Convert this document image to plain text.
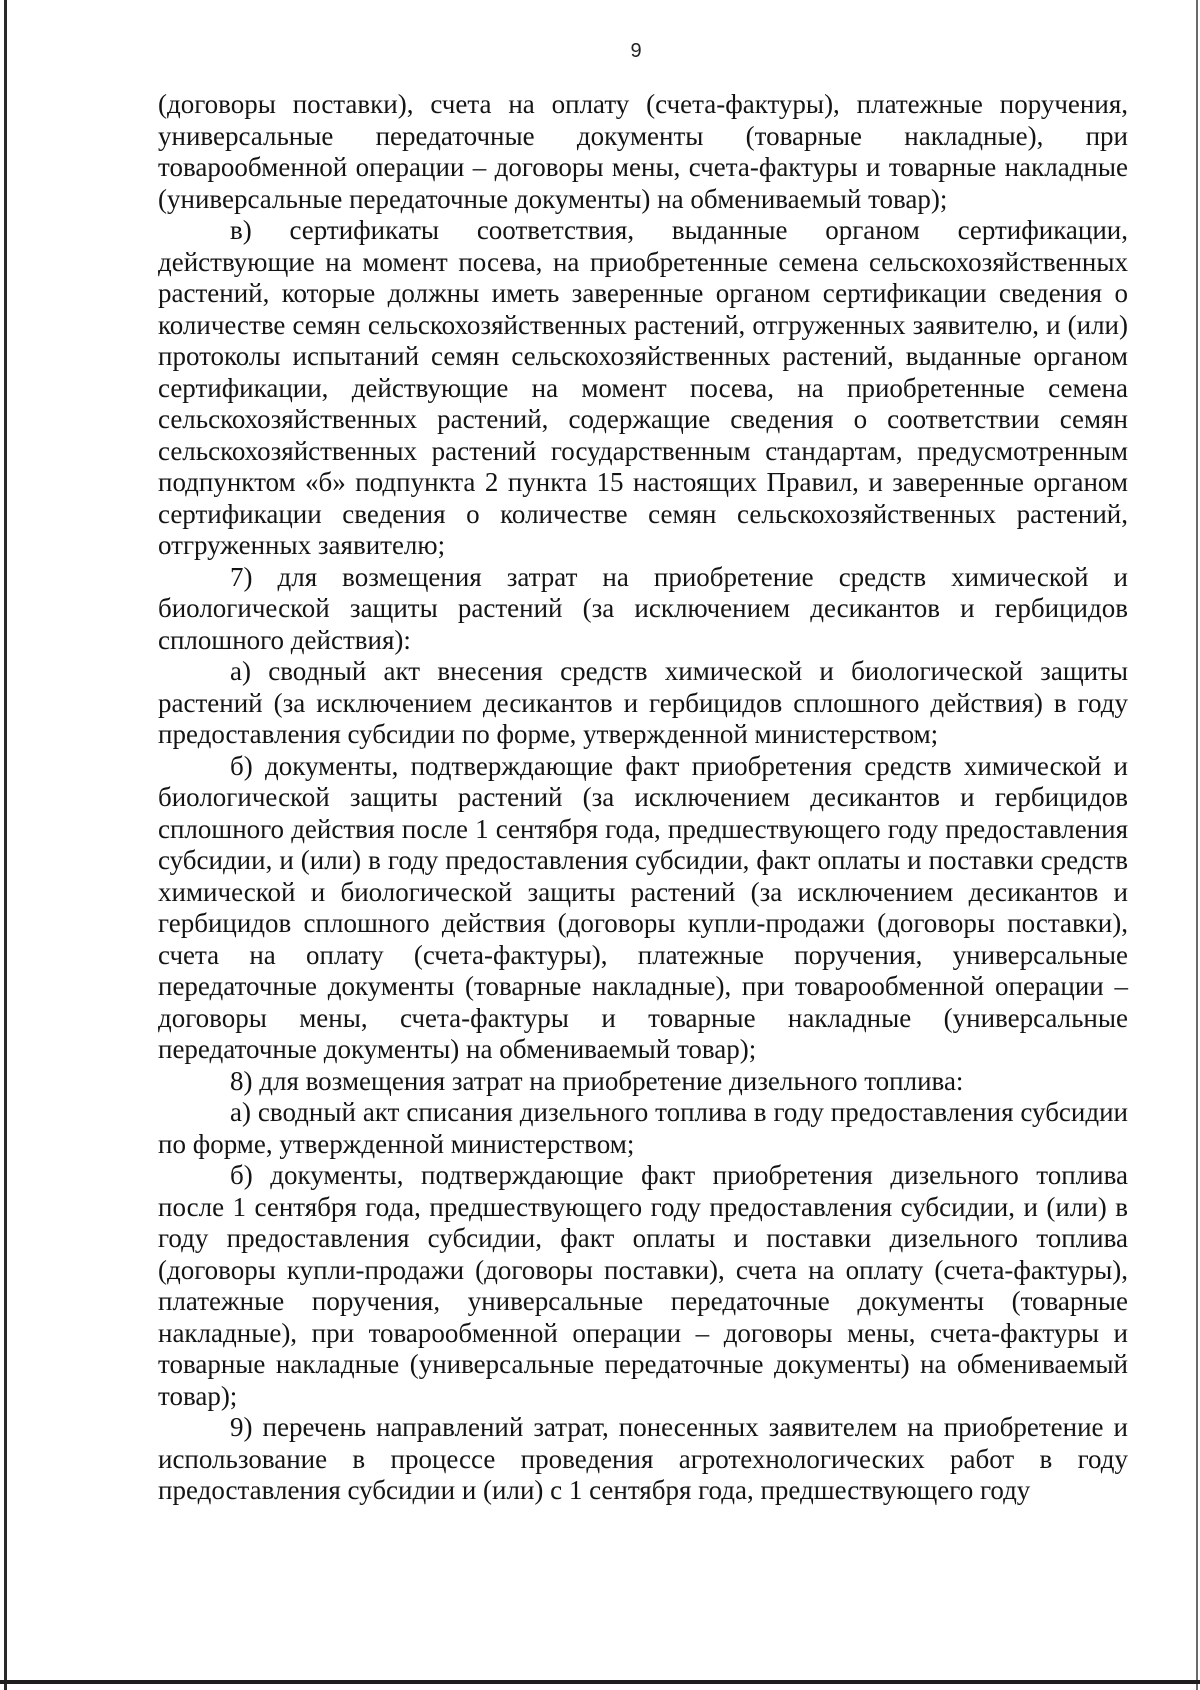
9

(договоры поставки), счета на оплату (счета-фактуры), платежные поручения, универсальные передаточные документы (товарные накладные), при товарообменной операции – договоры мены, счета-фактуры и товарные накладные (универсальные передаточные документы) на обмениваемый товар);

в) сертификаты соответствия, выданные органом сертификации, действующие на момент посева, на приобретенные семена сельскохозяйственных растений, которые должны иметь заверенные органом сертификации сведения о количестве семян сельскохозяйственных растений, отгруженных заявителю, и (или) протоколы испытаний семян сельскохозяйственных растений, выданные органом сертификации, действующие на момент посева, на приобретенные семена сельскохозяйственных растений, содержащие сведения о соответствии семян сельскохозяйственных растений государственным стандартам, предусмотренным подпунктом «б» подпункта 2 пункта 15 настоящих Правил, и заверенные органом сертификации сведения о количестве семян сельскохозяйственных растений, отгруженных заявителю;

7) для возмещения затрат на приобретение средств химической и биологической защиты растений (за исключением десикантов и гербицидов сплошного действия):

а) сводный акт внесения средств химической и биологической защиты растений (за исключением десикантов и гербицидов сплошного действия) в году предоставления субсидии по форме, утвержденной министерством;

б) документы, подтверждающие факт приобретения средств химической и биологической защиты растений (за исключением десикантов и гербицидов сплошного действия после 1 сентября года, предшествующего году предоставления субсидии, и (или) в году предоставления субсидии, факт оплаты и поставки средств химической и биологической защиты растений (за исключением десикантов и гербицидов сплошного действия (договоры купли-продажи (договоры поставки), счета на оплату (счета-фактуры), платежные поручения, универсальные передаточные документы (товарные накладные), при товарообменной операции – договоры мены, счета-фактуры и товарные накладные (универсальные передаточные документы) на обмениваемый товар);

8) для возмещения затрат на приобретение дизельного топлива:

а) сводный акт списания дизельного топлива в году предоставления субсидии по форме, утвержденной министерством;

б) документы, подтверждающие факт приобретения дизельного топлива после 1 сентября года, предшествующего году предоставления субсидии, и (или) в году предоставления субсидии, факт оплаты и поставки дизельного топлива (договоры купли-продажи (договоры поставки), счета на оплату (счета-фактуры), платежные поручения, универсальные передаточные документы (товарные накладные), при товарообменной операции – договоры мены, счета-фактуры и товарные накладные (универсальные передаточные документы) на обмениваемый товар);

9) перечень направлений затрат, понесенных заявителем на приобретение и использование в процессе проведения агротехнологических работ в году предоставления субсидии и (или) с 1 сентября года, предшествующего году
